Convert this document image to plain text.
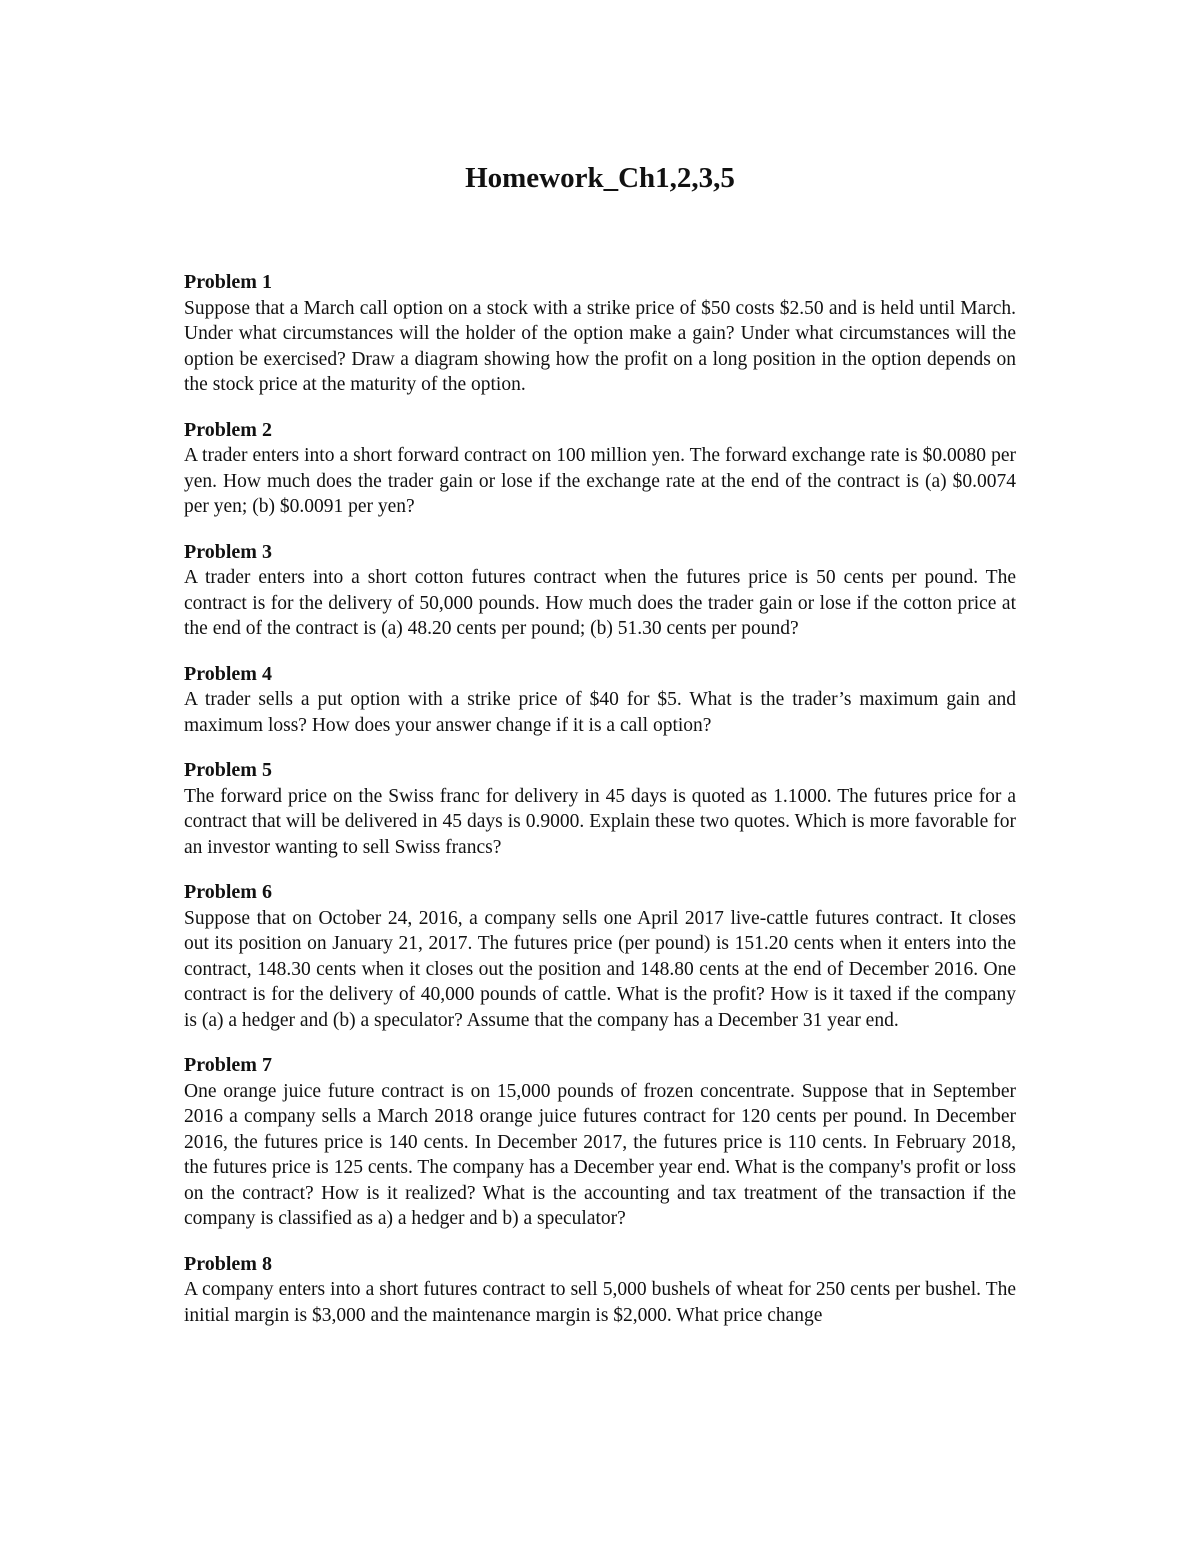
Homework_Ch1,2,3,5

Problem 1

Suppose that a March call option on a stock with a strike price of $50 costs $2.50 and is held until March. Under what circumstances will the holder of the option make a gain? Under what circumstances will the option be exercised? Draw a diagram showing how the profit on a long position in the option depends on the stock price at the maturity of the option.

Problem 2

A trader enters into a short forward contract on 100 million yen. The forward exchange rate is $0.0080 per yen. How much does the trader gain or lose if the exchange rate at the end of the contract is (a) $0.0074 per yen; (b) $0.0091 per yen?

Problem 3

A trader enters into a short cotton futures contract when the futures price is 50 cents per pound. The contract is for the delivery of 50,000 pounds. How much does the trader gain or lose if the cotton price at the end of the contract is (a) 48.20 cents per pound; (b) 51.30 cents per pound?

Problem 4

A trader sells a put option with a strike price of $40 for $5. What is the trader’s maximum gain and maximum loss? How does your answer change if it is a call option?

Problem 5

The forward price on the Swiss franc for delivery in 45 days is quoted as 1.1000. The futures price for a contract that will be delivered in 45 days is 0.9000. Explain these two quotes. Which is more favorable for an investor wanting to sell Swiss francs?

Problem 6

Suppose that on October 24, 2016, a company sells one April 2017 live-cattle futures contract. It closes out its position on January 21, 2017. The futures price (per pound) is 151.20 cents when it enters into the contract, 148.30 cents when it closes out the position and 148.80 cents at the end of December 2016. One contract is for the delivery of 40,000 pounds of cattle. What is the profit? How is it taxed if the company is (a) a hedger and (b) a speculator? Assume that the company has a December 31 year end.

Problem 7

One orange juice future contract is on 15,000 pounds of frozen concentrate. Suppose that in September 2016 a company sells a March 2018 orange juice futures contract for 120 cents per pound. In December 2016, the futures price is 140 cents. In December 2017, the futures price is 110 cents. In February 2018, the futures price is 125 cents. The company has a December year end. What is the company's profit or loss on the contract? How is it realized? What is the accounting and tax treatment of the transaction if the company is classified as a) a hedger and b) a speculator?

Problem 8

A company enters into a short futures contract to sell 5,000 bushels of wheat for 250 cents per bushel. The initial margin is $3,000 and the maintenance margin is $2,000. What price change
